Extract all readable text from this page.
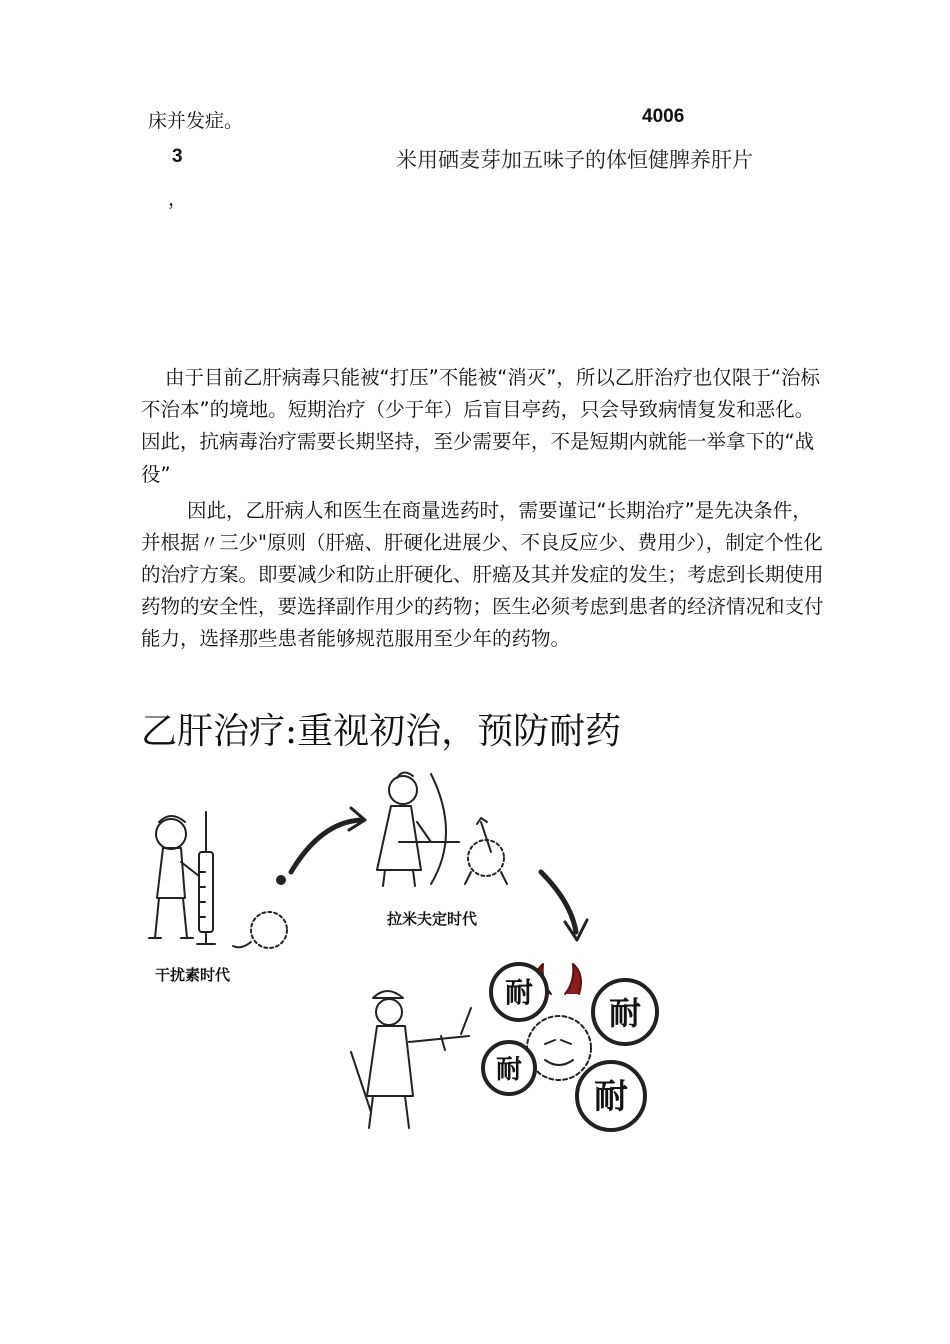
床并发症。	4006
3	米用硒麦芽加五味子的体恒健脾养肝片
，

由于目前乙肝病毒只能被“打压”不能被“消灭”，所以乙肝治疗也仅限于“治标不治本”的境地。短期治疗（少于年）后盲目亭药，只会导致病情复发和恶化。因此，抗病毒治疗需要长期坚持，至少需要年，不是短期内就能一举拿下的“战役”

因此，乙肝病人和医生在商量选药时，需要谨记“长期治疗”是先决条件，并根据〃三少"原则（肝癌、肝硬化进展少、不良反应少、费用少），制定个性化的治疗方案。即要减少和防止肝硬化、肝癌及其并发症的发生；考虑到长期使用药物的安全性，要选择副作用少的药物；医生必须考虑到患者的经济情况和支付能力，选择那些患者能够规范服用至少年的药物。

乙肝治疗:重视初治，预防耐药
耐
耐
耐
耐
干扰素时代
拉米夫定时代
